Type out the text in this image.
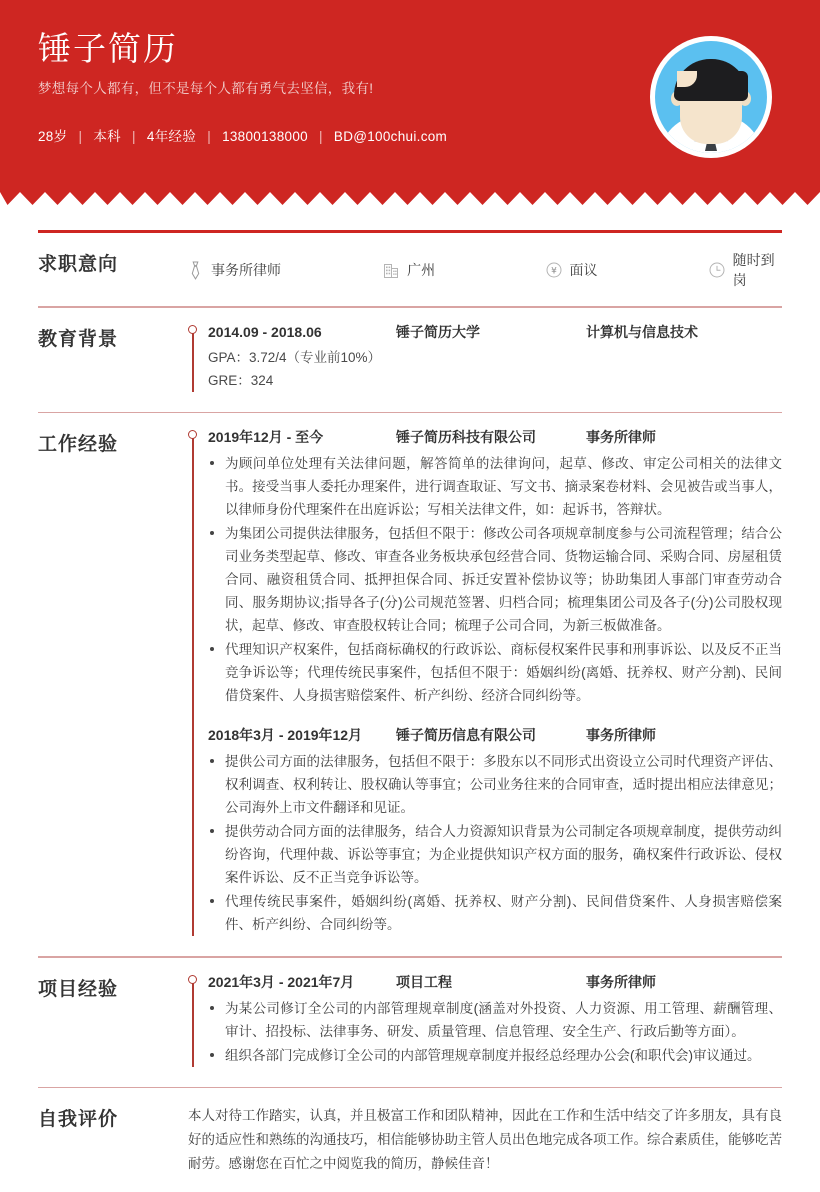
锤子简历
梦想每个人都有，但不是每个人都有勇气去坚信，我有!
28岁 | 本科 | 4年经验 | 13800138000 | BD@100chui.com
求职意向	事务所律师	广州	¥ 面议
随时到岗
教育背景	2014.09 - 2018.06	锤子简历大学	计算机与信息技术
GPA：3.72/4（专业前10%）
GRE：324
工作经验	2019年12月 - 至今	锤子简历科技有限公司	事务所律师
为顾问单位处理有关法律问题，解答简单的法律询问，起草、修改、审定公司相关的法律文书。接受当事人委托办理案件，进行调查取证、写文书、摘录案卷材料、会见被告或当事人，以律师身份代理案件在出庭诉讼；写相关法律文件，如：起诉书，答辩状。
为集团公司提供法律服务，包括但不限于：修改公司各项规章制度参与公司流程管理；结合公司业务类型起草、修改、审查各业务板块承包经营合同、货物运输合同、采购合同、房屋租赁合同、融资租赁合同、抵押担保合同、拆迁安置补偿协议等；协助集团人事部门审查劳动合同、服务期协议;指导各子(分)公司规范签署、归档合同；梳理集团公司及各子(分)公司股权现状，起草、修改、审查股权转让合同；梳理子公司合同，为新三板做准备。
代理知识产权案件，包括商标确权的行政诉讼、商标侵权案件民事和刑事诉讼、以及反不正当竞争诉讼等；代理传统民事案件，包括但不限于：婚姻纠纷(离婚、抚养权、财产分割)、民间借贷案件、人身损害赔偿案件、析产纠纷、经济合同纠纷等。
2018年3月 - 2019年12月	锤子简历信息有限公司	事务所律师
提供公司方面的法律服务，包括但不限于：多股东以不同形式出资设立公司时代理资产评估、权利调查、权利转让、股权确认等事宜；公司业务往来的合同审查，适时提出相应法律意见；公司海外上市文件翻译和见证。
提供劳动合同方面的法律服务，结合人力资源知识背景为公司制定各项规章制度，提供劳动纠纷咨询，代理仲裁、诉讼等事宜；为企业提供知识产权方面的服务，确权案件行政诉讼、侵权案件诉讼、反不正当竞争诉讼等。
代理传统民事案件，婚姻纠纷(离婚、抚养权、财产分割)、民间借贷案件、人身损害赔偿案件、析产纠纷、合同纠纷等。
项目经验	2021年3月 - 2021年7月	项目工程	事务所律师
为某公司修订全公司的内部管理规章制度(涵盖对外投资、人力资源、用工管理、薪酬管理、审计、招投标、法律事务、研发、质量管理、信息管理、安全生产、行政后勤等方面）。
组织各部门完成修订全公司的内部管理规章制度并报经总经理办公会(和职代会)审议通过。
自我评价	本人对待工作踏实，认真，并且极富工作和团队精神，因此在工作和生活中结交了许多朋友，具有良好的适应性和熟练的沟通技巧，相信能够协助主管人员出色地完成各项工作。综合素质佳，能够吃苦耐劳。感谢您在百忙之中阅览我的简历，静候佳音！
